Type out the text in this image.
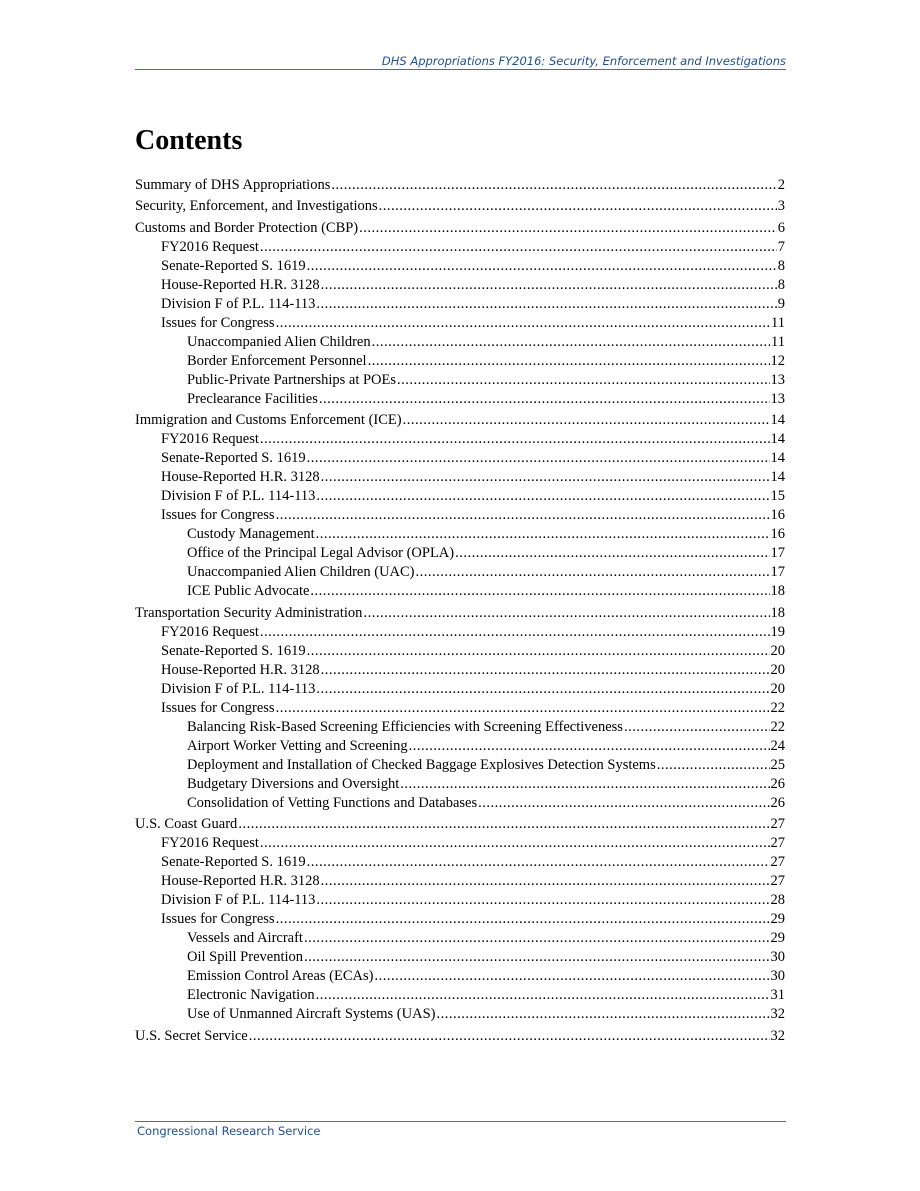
DHS Appropriations FY2016: Security, Enforcement and Investigations
Contents
Summary of DHS Appropriations .....	2
Security, Enforcement, and Investigations .....	3
Customs and Border Protection (CBP) .....	6
FY2016 Request .....	7
Senate-Reported S. 1619 .....	8
House-Reported H.R. 3128 .....	8
Division F of P.L. 114-113 .....	9
Issues for Congress .....	11
Unaccompanied Alien Children .....	11
Border Enforcement Personnel .....	12
Public-Private Partnerships at POEs .....	13
Preclearance Facilities .....	13
Immigration and Customs Enforcement (ICE) .....	14
FY2016 Request .....	14
Senate-Reported S. 1619 .....	14
House-Reported H.R. 3128 .....	14
Division F of P.L. 114-113 .....	15
Issues for Congress .....	16
Custody Management .....	16
Office of the Principal Legal Advisor (OPLA) .....	17
Unaccompanied Alien Children (UAC) .....	17
ICE Public Advocate .....	18
Transportation Security Administration .....	18
FY2016 Request .....	19
Senate-Reported S. 1619 .....	20
House-Reported H.R. 3128 .....	20
Division F of P.L. 114-113 .....	20
Issues for Congress .....	22
Balancing Risk-Based Screening Efficiencies with Screening Effectiveness .....	22
Airport Worker Vetting and Screening .....	24
Deployment and Installation of Checked Baggage Explosives Detection Systems .....	25
Budgetary Diversions and Oversight .....	26
Consolidation of Vetting Functions and Databases .....	26
U.S. Coast Guard .....	27
FY2016 Request .....	27
Senate-Reported S. 1619 .....	27
House-Reported H.R. 3128 .....	27
Division F of P.L. 114-113 .....	28
Issues for Congress .....	29
Vessels and Aircraft .....	29
Oil Spill Prevention .....	30
Emission Control Areas (ECAs) .....	30
Electronic Navigation .....	31
Use of Unmanned Aircraft Systems (UAS) .....	32
U.S. Secret Service .....	32
Congressional Research Service
